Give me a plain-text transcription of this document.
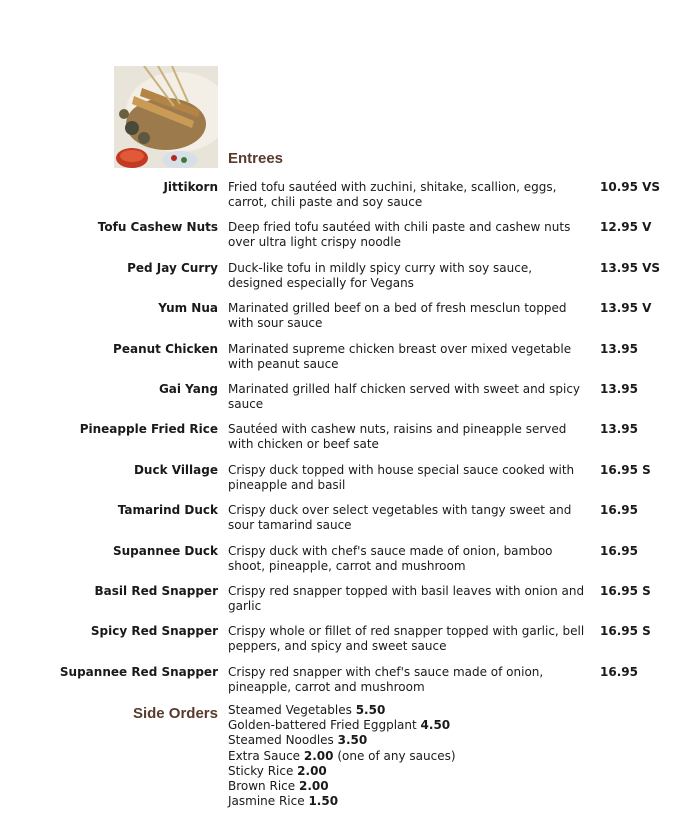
Entrees
Jittikorn Fried tofu sautéed with zuchini, shitake, scallion, eggs, carrot, chili paste and soy sauce
10.95 VS
Tofu Cashew Nuts Deep fried tofu sautéed with chili paste and cashew nuts over ultra light crispy noodle
12.95 V
Ped Jay Curry Duck-like tofu in mildly spicy curry with soy sauce, designed especially for Vegans
13.95 VS
Yum Nua Marinated grilled beef on a bed of fresh mesclun topped with sour sauce
13.95 V
Peanut Chicken Marinated supreme chicken breast over mixed vegetable with peanut sauce
13.95
Gai Yang Marinated grilled half chicken served with sweet and spicy sauce
13.95
Pineapple Fried Rice Sautéed with cashew nuts, raisins and pineapple served with chicken or beef sate
13.95
Duck Village Crispy duck topped with house special sauce cooked with pineapple and basil
16.95 S
Tamarind Duck Crispy duck over select vegetables with tangy sweet and sour tamarind sauce
16.95
Supannee Duck Crispy duck with chef's sauce made of onion, bamboo shoot, pineapple, carrot and mushroom
16.95
Basil Red Snapper Crispy red snapper topped with basil leaves with onion and garlic
16.95 S
Spicy Red Snapper Crispy whole or fillet of red snapper topped with garlic, bell peppers, and spicy and sweet sauce
16.95 S
Supannee Red Snapper Crispy red snapper with chef's sauce made of onion, pineapple, carrot and mushroom
16.95
Side Orders Steamed Vegetables 5.50
Golden-battered Fried Eggplant 4.50
Steamed Noodles 3.50
Extra Sauce 2.00 (one of any sauces)
Sticky Rice 2.00
Brown Rice 2.00
Jasmine Rice 1.50
